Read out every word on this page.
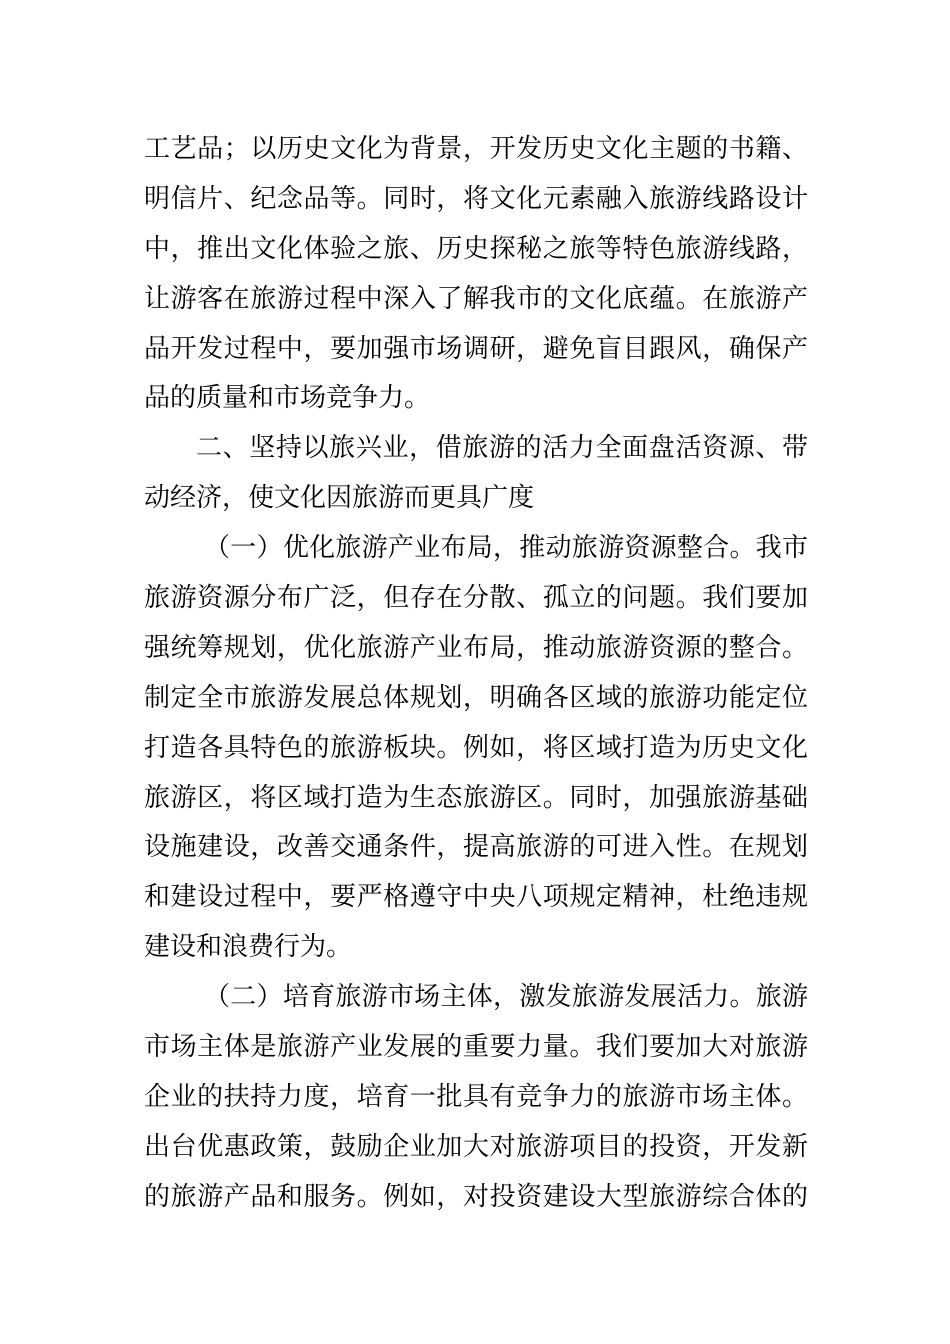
工艺品；以历史文化为背景，开发历史文化主题的书籍、
明信片、纪念品等。同时，将文化元素融入旅游线路设计
中，推出文化体验之旅、历史探秘之旅等特色旅游线路，
让游客在旅游过程中深入了解我市的文化底蕴。在旅游产
品开发过程中，要加强市场调研，避免盲目跟风，确保产
品的质量和市场竞争力。
二、坚持以旅兴业，借旅游的活力全面盘活资源、带
动经济，使文化因旅游而更具广度
（一）优化旅游产业布局，推动旅游资源整合。我市
旅游资源分布广泛，但存在分散、孤立的问题。我们要加
强统筹规划，优化旅游产业布局，推动旅游资源的整合。
制定全市旅游发展总体规划，明确各区域的旅游功能定位
打造各具特色的旅游板块。例如，将区域打造为历史文化
旅游区，将区域打造为生态旅游区。同时，加强旅游基础
设施建设，改善交通条件，提高旅游的可进入性。在规划
和建设过程中，要严格遵守中央八项规定精神，杜绝违规
建设和浪费行为。
（二）培育旅游市场主体，激发旅游发展活力。旅游
市场主体是旅游产业发展的重要力量。我们要加大对旅游
企业的扶持力度，培育一批具有竞争力的旅游市场主体。
出台优惠政策，鼓励企业加大对旅游项目的投资，开发新
的旅游产品和服务。例如，对投资建设大型旅游综合体的
